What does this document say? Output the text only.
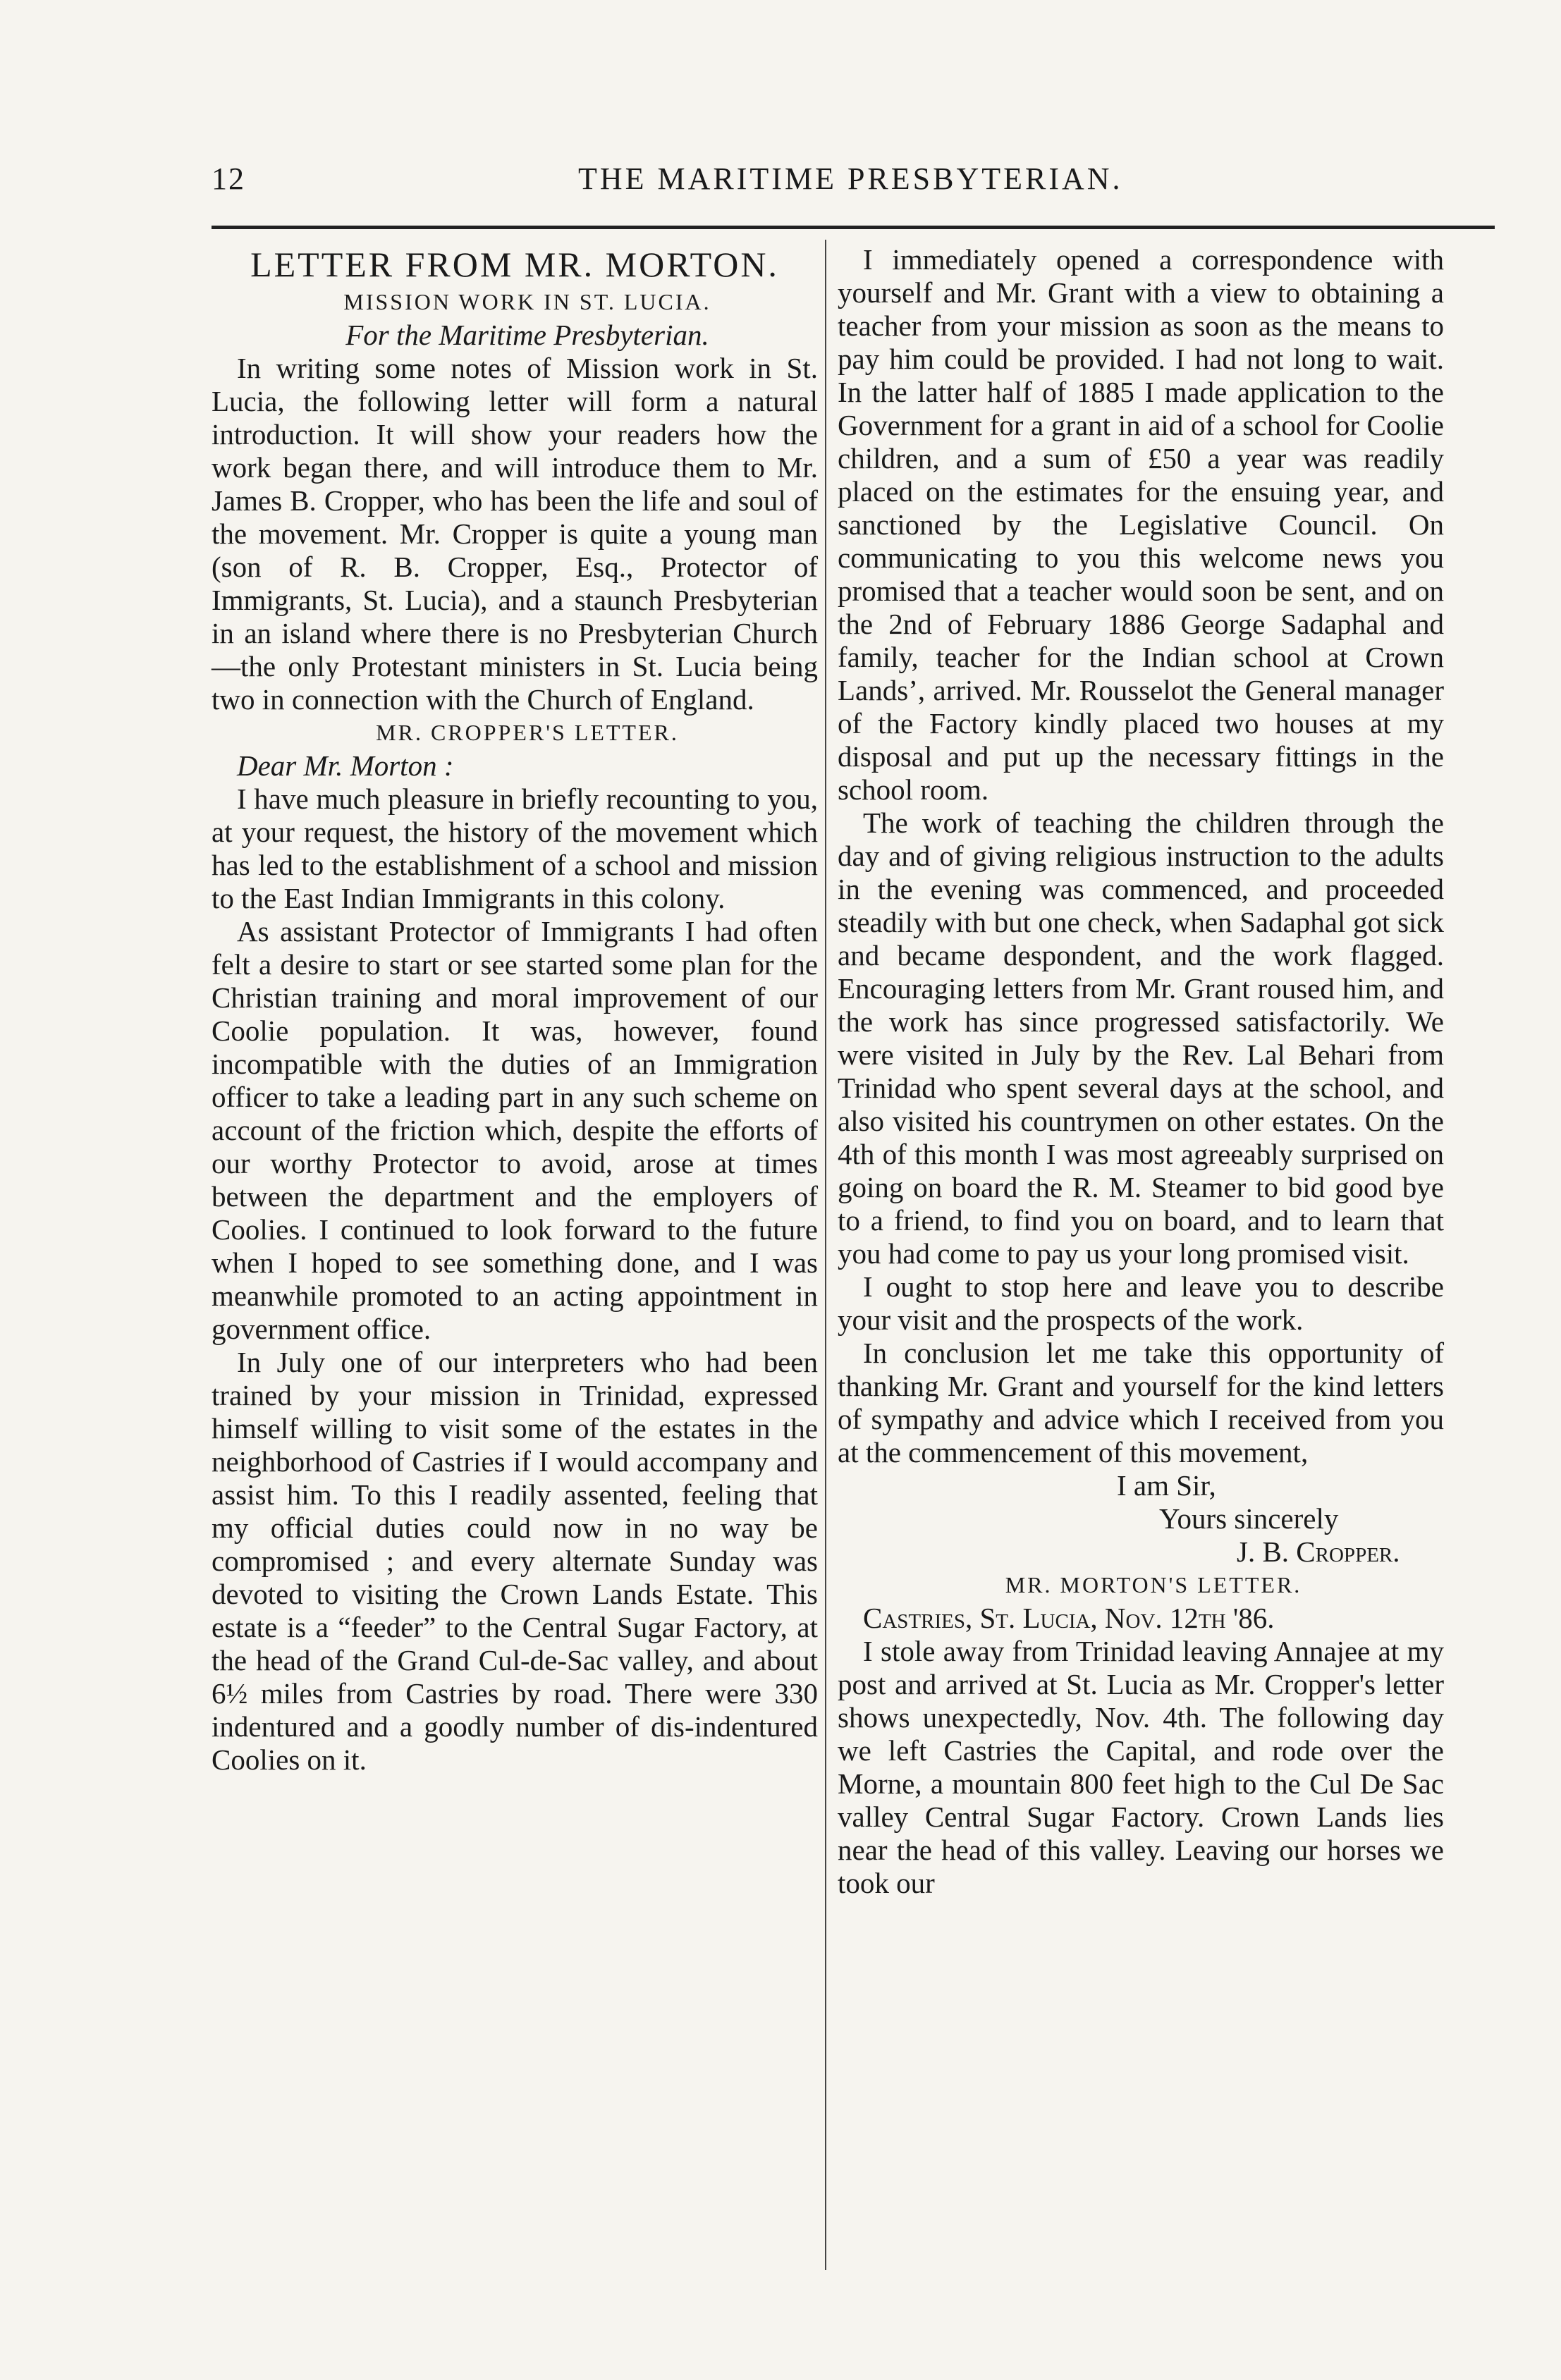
12	THE MARITIME PRESBYTERIAN.

LETTER FROM MR. MORTON.

MISSION WORK IN ST. LUCIA.

For the Maritime Presbyterian.

In writing some notes of Mission work in St. Lucia, the following letter will form a natural introduction. It will show your readers how the work began there, and will introduce them to Mr. James B. Cropper, who has been the life and soul of the movement. Mr. Cropper is quite a young man (son of R. B. Cropper, Esq., Protector of Immigrants, St. Lucia), and a staunch Presbyterian in an island where there is no Presbyterian Church—the only Protestant ministers in St. Lucia being two in connection with the Church of England.

MR. CROPPER'S LETTER.

Dear Mr. Morton :

I have much pleasure in briefly recounting to you, at your request, the history of the movement which has led to the establishment of a school and mission to the East Indian Immigrants in this colony.

As assistant Protector of Immigrants I had often felt a desire to start or see started some plan for the Christian training and moral improvement of our Coolie population. It was, however, found incompatible with the duties of an Immigration officer to take a leading part in any such scheme on account of the friction which, despite the efforts of our worthy Protector to avoid, arose at times between the department and the employers of Coolies. I continued to look forward to the future when I hoped to see something done, and I was meanwhile promoted to an acting appointment in government office.

In July one of our interpreters who had been trained by your mission in Trinidad, expressed himself willing to visit some of the estates in the neighborhood of Castries if I would accompany and assist him. To this I readily assented, feeling that my official duties could now in no way be compromised ; and every alternate Sunday was devoted to visiting the Crown Lands Estate. This estate is a “feeder” to the Central Sugar Factory, at the head of the Grand Cul-de-Sac valley, and about 6½ miles from Castries by road. There were 330 indentured and a goodly number of dis-indentured Coolies on it.

I immediately opened a correspondence with yourself and Mr. Grant with a view to obtaining a teacher from your mission as soon as the means to pay him could be provided. I had not long to wait. In the latter half of 1885 I made application to the Government for a grant in aid of a school for Coolie children, and a sum of £50 a year was readily placed on the estimates for the ensuing year, and sanctioned by the Legislative Council. On communicating to you this welcome news you promised that a teacher would soon be sent, and on the 2nd of February 1886 George Sadaphal and family, teacher for the Indian school at Crown Lands’, arrived. Mr. Rousselot the General manager of the Factory kindly placed two houses at my disposal and put up the necessary fittings in the school room.

The work of teaching the children through the day and of giving religious instruction to the adults in the evening was commenced, and proceeded steadily with but one check, when Sadaphal got sick and became despondent, and the work flagged. Encouraging letters from Mr. Grant roused him, and the work has since progressed satisfactorily. We were visited in July by the Rev. Lal Behari from Trinidad who spent several days at the school, and also visited his countrymen on other estates. On the 4th of this month I was most agreeably surprised on going on board the R. M. Steamer to bid good bye to a friend, to find you on board, and to learn that you had come to pay us your long promised visit.

I ought to stop here and leave you to describe your visit and the prospects of the work.

In conclusion let me take this opportunity of thanking Mr. Grant and yourself for the kind letters of sympathy and advice which I received from you at the commencement of this movement,

I am Sir,

Yours sincerely

J. B. Cropper.

MR. MORTON'S LETTER.

Castries, St. Lucia, Nov. 12th '86.

I stole away from Trinidad leaving Annajee at my post and arrived at St. Lucia as Mr. Cropper's letter shows unexpectedly, Nov. 4th. The following day we left Castries the Capital, and rode over the Morne, a mountain 800 feet high to the Cul De Sac valley Central Sugar Factory. Crown Lands lies near the head of this valley. Leaving our horses we took our
